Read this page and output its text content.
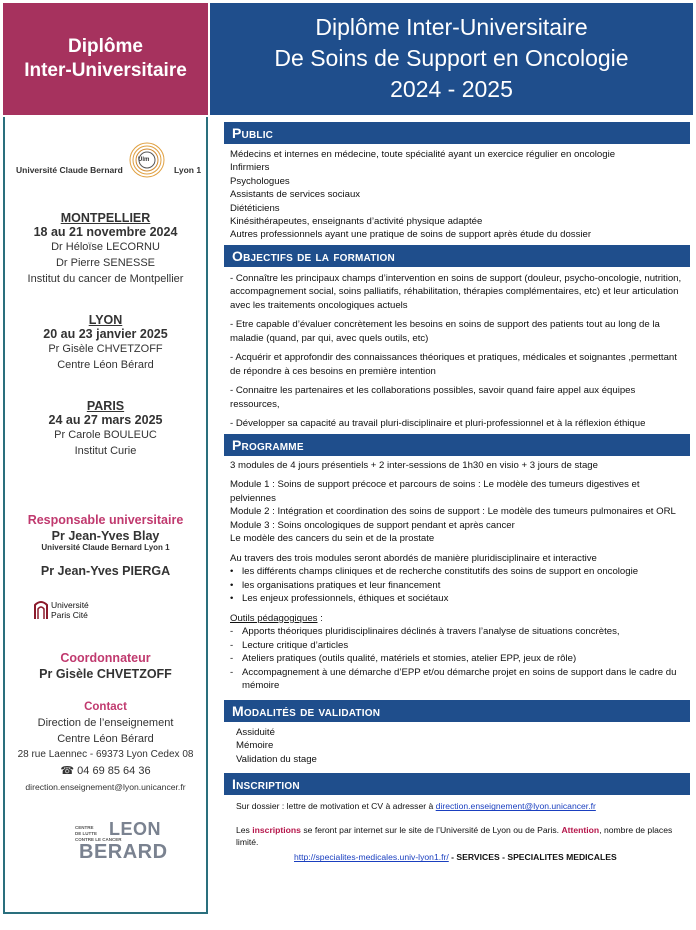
Diplôme
Inter-Universitaire
Diplôme Inter-Universitaire
De Soins de Support en Oncologie
2024 - 2025
Université Claude Bernard
Ulm
Lyon 1
MONTPELLIER
18 au 21 novembre 2024
Dr Héloïse LECORNU
Dr Pierre SENESSE
Institut du cancer de Montpellier
LYON
20 au 23 janvier 2025
Pr Gisèle CHVETZOFF
Centre Léon Bérard
PARIS
24 au 27 mars 2025
Pr Carole BOULEUC
Institut Curie
Responsable universitaire
Pr Jean-Yves Blay
Université Claude Bernard Lyon 1
Pr Jean-Yves PIERGA
Université
Paris Cité
Coordonnateur
Pr Gisèle CHVETZOFF
Contact
Direction de l’enseignement
Centre Léon Bérard
28 rue Laennec - 69373 Lyon Cedex 08
☎ 04 69 85 64 36
direction.enseignement@lyon.unicancer.fr
CENTRE
DE LUTTE
CONTRE LE CANCER
LEON
BERARD
Public

Médecins et internes en médecine, toute spécialité ayant un exercice régulier en oncologie

Infirmiers

Psychologues

Assistants de services sociaux

Diététiciens

Kinésithérapeutes, enseignants d’activité physique adaptée

Autres professionnels ayant une pratique de soins de support après étude du dossier

Objectifs de la formation

- Connaître les principaux champs d’intervention en soins de support (douleur, psycho-oncologie, nutrition, accompagnement social, soins palliatifs, réhabilitation, thérapies complémentaires, etc) et leur articulation avec les traitements oncologiques actuels

- Etre capable d’évaluer concrètement les besoins en soins de support des patients tout au long de la maladie (quand, par qui, avec quels outils, etc)

- Acquérir et approfondir des connaissances théoriques et pratiques, médicales et soignantes ,permettant de répondre à ces besoins en première intention

- Connaitre les partenaires et les collaborations possibles, savoir quand faire appel aux équipes ressources,

- Développer sa capacité au travail pluri-disciplinaire et pluri-professionnel et à la réflexion éthique

Programme

3 modules de 4 jours présentiels + 2 inter-sessions de 1h30 en visio + 3 jours de stage

Module 1 : Soins de support précoce et parcours de soins : Le modèle des tumeurs digestives et pelviennes

Module 2 : Intégration et coordination des soins de support : Le modèle des tumeurs pulmonaires et ORL

Module 3 : Soins oncologiques de support pendant et après cancer

Le modèle des cancers du sein et de la prostate

Au travers des trois modules seront abordés de manière pluridisciplinaire et interactive

• les différents champs cliniques et de recherche constitutifs des soins de support en oncologie
• les organisations pratiques et leur financement
• Les enjeux professionnels, éthiques et sociétaux

Outils pédagogiques :

- Apports théoriques pluridisciplinaires déclinés à travers l’analyse de situations concrètes,
- Lecture critique d’articles
- Ateliers pratiques (outils qualité, matériels et stomies, atelier EPP, jeux de rôle)
- Accompagnement à une démarche d’EPP et/ou démarche projet en soins de support dans le cadre du mémoire
Modalités de validation

Assiduité

Mémoire

Validation du stage

Inscription

Sur dossier : lettre de motivation et CV à adresser à direction.enseignement@lyon.unicancer.fr

Les inscriptions se feront par internet sur le site de l’Université de Lyon ou de Paris. Attention, nombre de places limité.

http://specialites-medicales.univ-lyon1.fr/ - SERVICES - SPECIALITES MEDICALES
